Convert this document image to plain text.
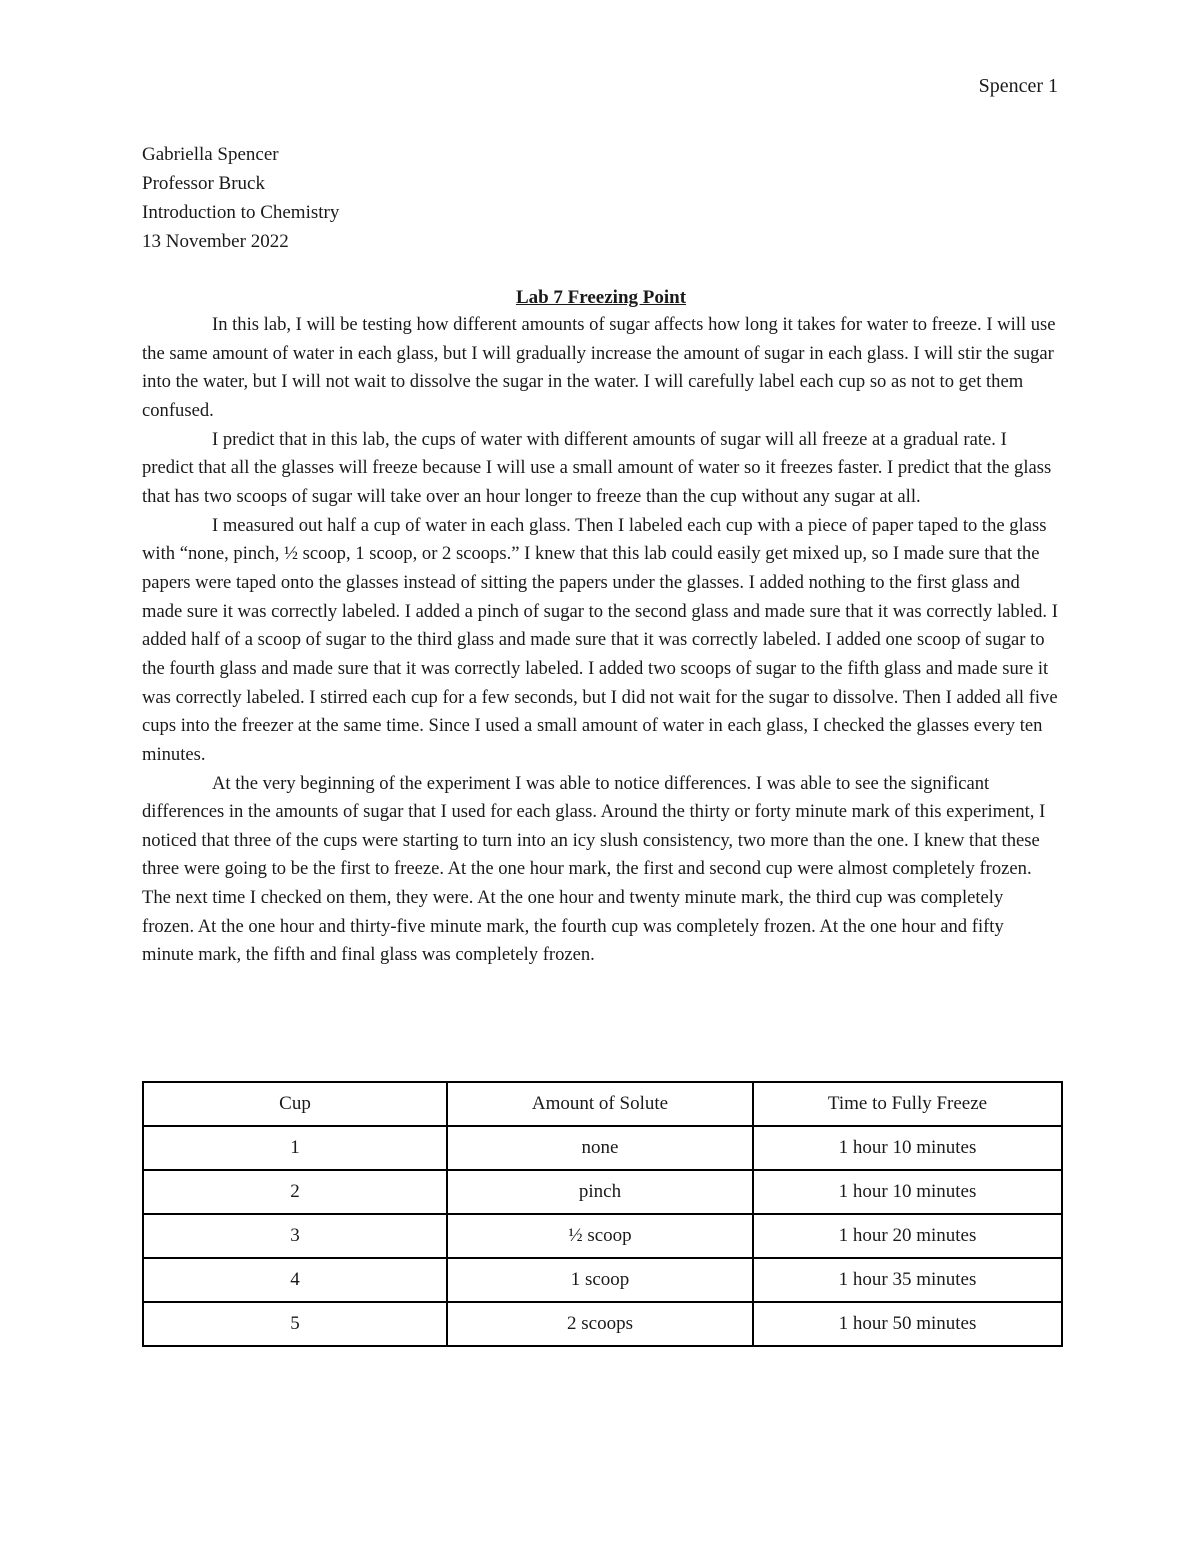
Spencer 1
Gabriella Spencer
Professor Bruck
Introduction to Chemistry
13 November 2022
Lab 7 Freezing Point

In this lab, I will be testing how different amounts of sugar affects how long it takes for water to freeze. I will use the same amount of water in each glass, but I will gradually increase the amount of sugar in each glass. I will stir the sugar into the water, but I will not wait to dissolve the sugar in the water. I will carefully label each cup so as not to get them confused.

I predict that in this lab, the cups of water with different amounts of sugar will all freeze at a gradual rate. I predict that all the glasses will freeze because I will use a small amount of water so it freezes faster. I predict that the glass that has two scoops of sugar will take over an hour longer to freeze than the cup without any sugar at all.

I measured out half a cup of water in each glass. Then I labeled each cup with a piece of paper taped to the glass with “none, pinch, ½ scoop, 1 scoop, or 2 scoops.” I knew that this lab could easily get mixed up, so I made sure that the papers were taped onto the glasses instead of sitting the papers under the glasses. I added nothing to the first glass and made sure it was correctly labeled. I added a pinch of sugar to the second glass and made sure that it was correctly labled. I added half of a scoop of sugar to the third glass and made sure that it was correctly labeled. I added one scoop of sugar to the fourth glass and made sure that it was correctly labeled. I added two scoops of sugar to the fifth glass and made sure it was correctly labeled. I stirred each cup for a few seconds, but I did not wait for the sugar to dissolve. Then I added all five cups into the freezer at the same time. Since I used a small amount of water in each glass, I checked the glasses every ten minutes.

At the very beginning of the experiment I was able to notice differences. I was able to see the significant differences in the amounts of sugar that I used for each glass. Around the thirty or forty minute mark of this experiment, I noticed that three of the cups were starting to turn into an icy slush consistency, two more than the one. I knew that these three were going to be the first to freeze. At the one hour mark, the first and second cup were almost completely frozen. The next time I checked on them, they were. At the one hour and twenty minute mark, the third cup was completely frozen. At the one hour and thirty-five minute mark, the fourth cup was completely frozen. At the one hour and fifty minute mark, the fifth and final glass was completely frozen.

Cup	Amount of Solute	Time to Fully Freeze
1	none	1 hour 10 minutes
2	pinch	1 hour 10 minutes
3	½ scoop	1 hour 20 minutes
4	1 scoop	1 hour 35 minutes
5	2 scoops	1 hour 50 minutes
